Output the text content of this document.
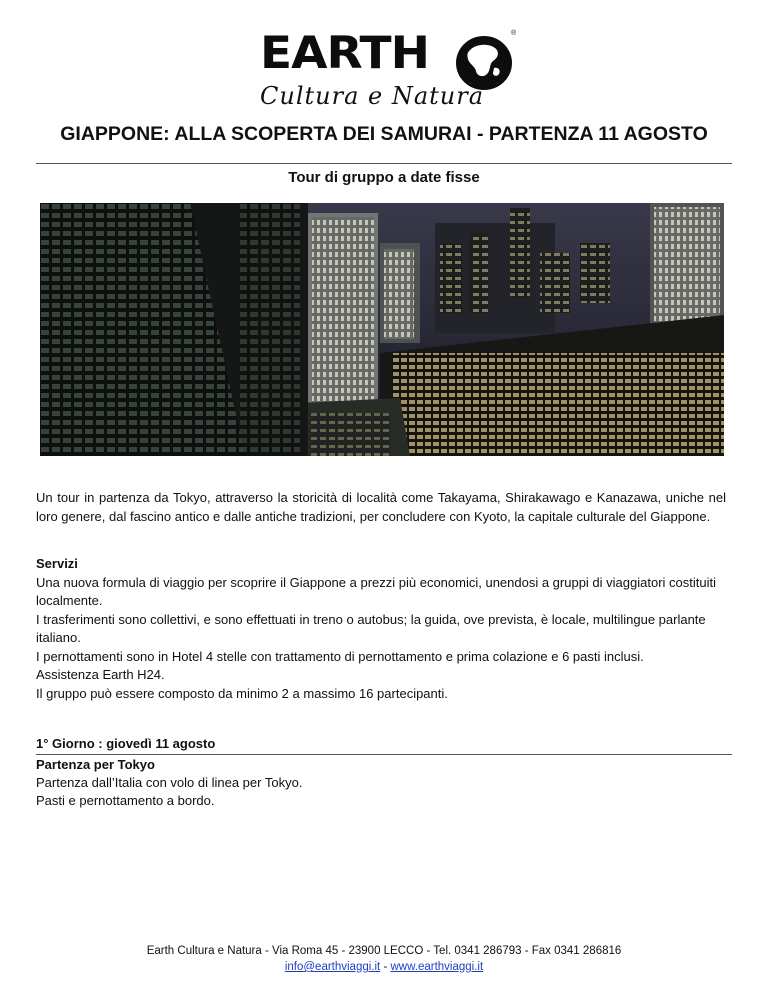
EARTH	®
Cultura e Natura
GIAPPONE: ALLA SCOPERTA DEI SAMURAI - PARTENZA 11 AGOSTO
Tour di gruppo a date fisse

Un tour in partenza da Tokyo, attraverso la storicità di località come Takayama, Shirakawago e Kanazawa, uniche nel loro genere, dal fascino antico e dalle antiche tradizioni, per concludere con Kyoto, la capitale culturale del Giappone.

Servizi

Una nuova formula di viaggio per scoprire il Giappone a prezzi più economici, unendosi a gruppi di viaggiatori costituiti localmente.

I trasferimenti sono collettivi, e sono effettuati in treno o autobus; la guida, ove prevista, è locale, multilingue parlante italiano.

I pernottamenti sono in Hotel 4 stelle con trattamento di pernottamento e prima colazione e 6 pasti inclusi.

Assistenza Earth H24.

Il gruppo può essere composto da minimo 2 a massimo 16 partecipanti.

1° Giorno : giovedì 11 agosto

Partenza per Tokyo

Partenza dall’Italia con volo di linea per Tokyo.

Pasti e pernottamento a bordo.

Earth Cultura e Natura - Via Roma 45 - 23900 LECCO - Tel. 0341 286793 - Fax 0341 286816

info@earthviaggi.it - www.earthviaggi.it
